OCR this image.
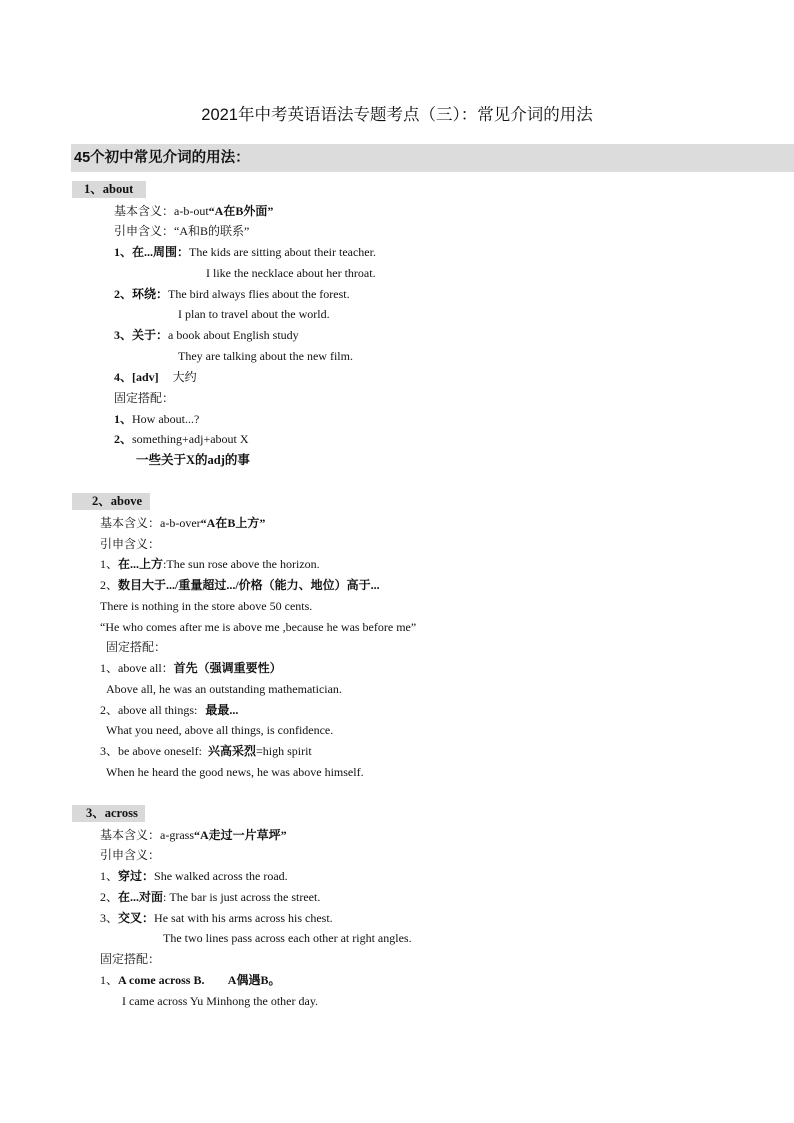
2021年中考英语语法专题考点（三）：常见介词的用法
45个初中常见介词的用法：
1、about
基本含义：a-b-out“A在B外面”
引申含义：“A和B的联系”
1、在...周围：The kids are sitting about their teacher.
I like the necklace about her throat.
2、环绕：The bird always flies about the forest.
I plan to travel about the world.
3、关于：a book about English study
They are talking about the new film.
4、[adv] 大约
固定搭配：
1、How about...?
2、something+adj+about X
一些关于X的adj的事
2、above
基本含义：a-b-over“A在B上方”
引申含义：
1、在...上方:The sun rose above the horizon.
2、数目大于.../重量超过.../价格（能力、地位）高于...
There is nothing in the store above 50 cents.
“He who comes after me is above me ,because he was before me”
固定搭配：
1、above all：首先（强调重要性）
Above all, he was an outstanding mathematician.
2、above all things: 最最...
What you need, above all things, is confidence.
3、be above oneself: 兴高采烈=high spirit
When he heard the good news, he was above himself.
3、across
基本含义：a-grass“A走过一片草坪”
引申含义：
1、穿过：She walked across the road.
2、在...对面: The bar is just across the street.
3、交叉：He sat with his arms across his chest.
The two lines pass across each other at right angles.
固定搭配：
1、A come across B.        A偶遇B。
I came across Yu Minhong the other day.
